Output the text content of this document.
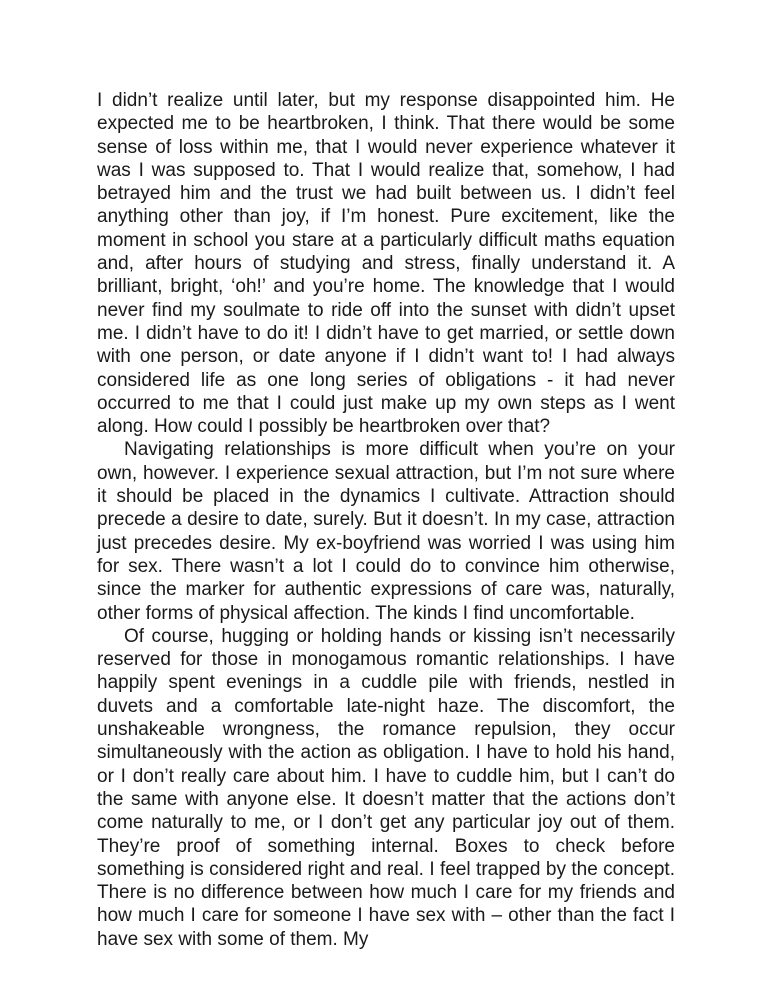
I didn’t realize until later, but my response disappointed him. He expected me to be heartbroken, I think. That there would be some sense of loss within me, that I would never experience whatever it was I was supposed to. That I would realize that, somehow, I had betrayed him and the trust we had built between us. I didn’t feel anything other than joy, if I’m honest. Pure excitement, like the moment in school you stare at a particularly difficult maths equation and, after hours of studying and stress, finally understand it. A brilliant, bright, ‘oh!’ and you’re home. The knowledge that I would never find my soulmate to ride off into the sunset with didn’t upset me. I didn’t have to do it! I didn’t have to get married, or settle down with one person, or date anyone if I didn’t want to! I had always considered life as one long series of obligations - it had never occurred to me that I could just make up my own steps as I went along. How could I possibly be heartbroken over that?

Navigating relationships is more difficult when you’re on your own, however. I experience sexual attraction, but I’m not sure where it should be placed in the dynamics I cultivate. Attraction should precede a desire to date, surely. But it doesn’t. In my case, attraction just precedes desire. My ex-boyfriend was worried I was using him for sex. There wasn’t a lot I could do to convince him otherwise, since the marker for authentic expressions of care was, naturally, other forms of physical affection. The kinds I find uncomfortable.

Of course, hugging or holding hands or kissing isn’t necessarily reserved for those in monogamous romantic relationships. I have happily spent evenings in a cuddle pile with friends, nestled in duvets and a comfortable late-night haze. The discomfort, the unshakeable wrongness, the romance repulsion, they occur simultaneously with the action as obligation. I have to hold his hand, or I don’t really care about him. I have to cuddle him, but I can’t do the same with anyone else. It doesn’t matter that the actions don’t come naturally to me, or I don’t get any particular joy out of them. They’re proof of something internal. Boxes to check before something is considered right and real. I feel trapped by the concept. There is no difference between how much I care for my friends and how much I care for someone I have sex with – other than the fact I have sex with some of them. My
